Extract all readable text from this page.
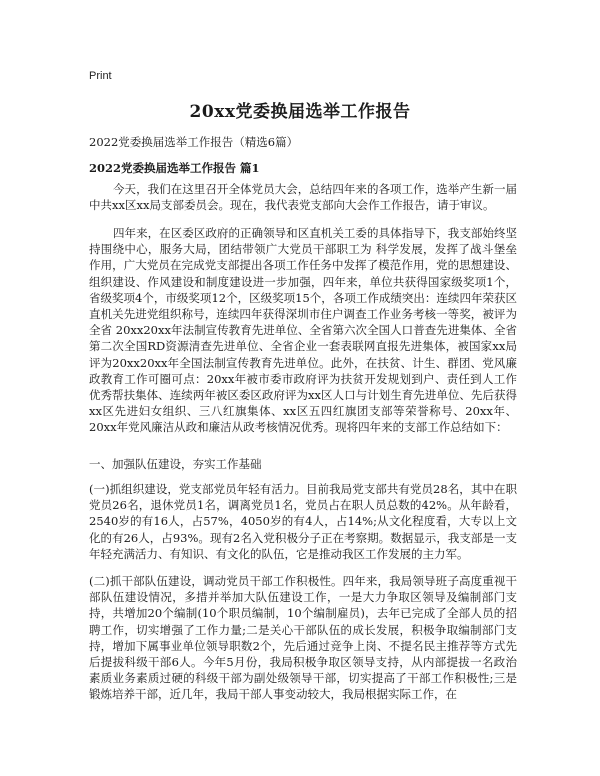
Print
20xx党委换届选举工作报告
2022党委换届选举工作报告（精选6篇）
2022党委换届选举工作报告 篇1
今天，我们在这里召开全体党员大会，总结四年来的各项工作，选举产生新一届中共xx区xx局支部委员会。现在，我代表党支部向大会作工作报告，请于审议。
四年来，在区委区政府的正确领导和区直机关工委的具体指导下，我支部始终坚持围绕中心，服务大局，团结带领广大党员干部职工为 科学发展，发挥了战斗堡垒作用，广大党员在完成党支部提出各项工作任务中发挥了模范作用，党的思想建设、组织建设、作风建设和制度建设进一步加强，四年来，单位共获得国家级奖项1个，省级奖项4个，市级奖项12个，区级奖项15个，各项工作成绩突出：连续四年荣获区直机关先进党组织称号，连续四年获得深圳市住户调查工作业务考核一等奖，被评为全省 20xx20xx年法制宣传教育先进单位、全省第六次全国人口普查先进集体、全省第二次全国RD资源清查先进单位、全省企业一套表联网直报先进集体，被国家xx局评为20xx20xx年全国法制宣传教育先进单位。此外，在扶贫、计生、群团、党风廉政教育工作可圈可点：20xx年被市委市政府评为扶贫开发规划到户、责任到人工作优秀帮扶集体、连续两年被区委区政府评为xx区人口与计划生育先进单位、先后获得xx区先进妇女组织、三八红旗集体、xx区五四红旗团支部等荣誉称号、20xx年、20xx年党风廉洁从政和廉洁从政考核情况优秀。现将四年来的支部工作总结如下：
一、加强队伍建设，夯实工作基础
(一)抓组织建设，党支部党员年轻有活力。目前我局党支部共有党员28名，其中在职党员26名，退休党员1名，调离党员1名，党员占在职人员总数的42%。从年龄看，2540岁的有16人，占57%，4050岁的有4人，占14%;从文化程度看，大专以上文化的有26人，占93%。现有2名入党积极分子正在考察期。数据显示，我支部是一支年轻充满活力、有知识、有文化的队伍，它是推动我区工作发展的主力军。
(二)抓干部队伍建设，调动党员干部工作积极性。四年来，我局领导班子高度重视干部队伍建设情况，多措并举加大队伍建设工作，一是大力争取区领导及编制部门支持，共增加20个编制(10个职员编制，10个编制雇员)，去年已完成了全部人员的招聘工作，切实增强了工作力量;二是关心干部队伍的成长发展，积极争取编制部门支持，增加下属事业单位领导职数2个，先后通过竞争上岗、不提名民主推荐等方式先后提拔科级干部6人。今年5月份，我局积极争取区领导支持，从内部提拔一名政治素质业务素质过硬的科级干部为副处级领导干部，切实提高了干部工作积极性;三是锻炼培养干部，近几年，我局干部人事变动较大，我局根据实际工作，在
